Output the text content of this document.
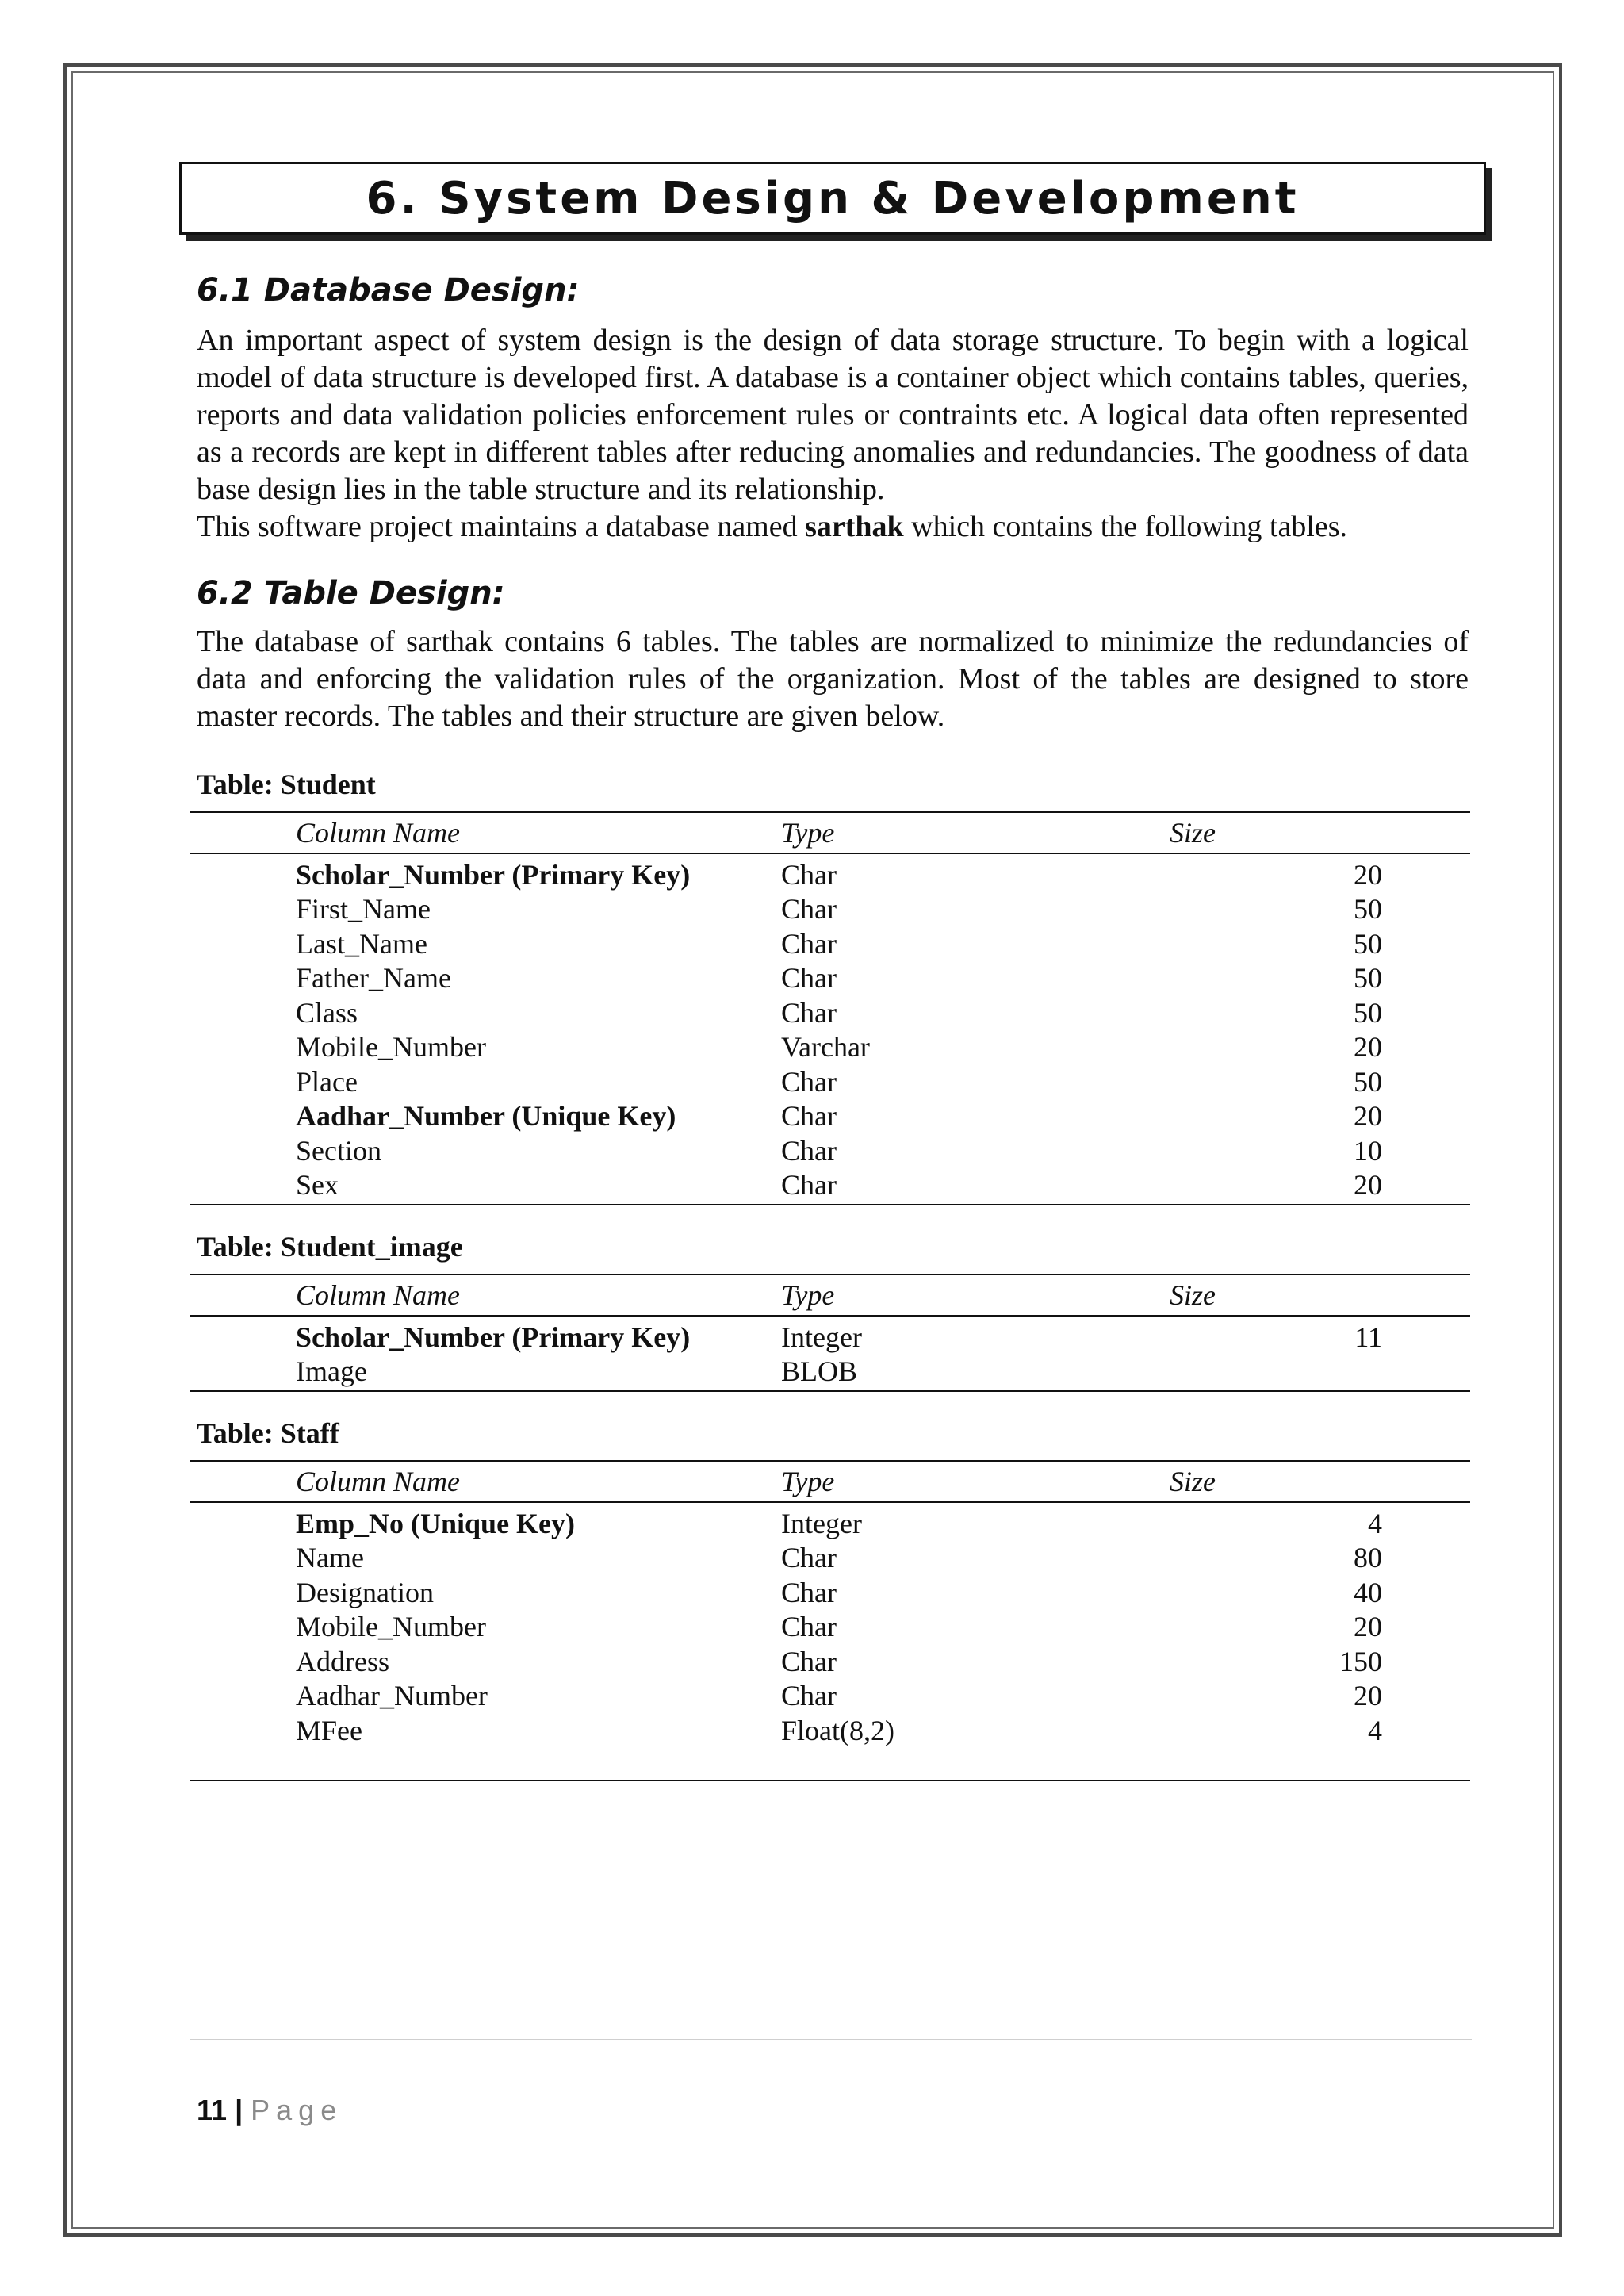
6. System Design & Development
6.1 Database Design:

An important aspect of system design is the design of data storage structure. To begin with a logical model of data structure is developed first. A database is a container object which contains tables, queries, reports and data validation policies enforcement rules or contraints etc. A logical data often represented as a records are kept in different tables after reducing anomalies and redundancies. The goodness of data base design lies in the table structure and its relationship.

This software project maintains a database named sarthak which contains the following tables.

6.2 Table Design:

The database of sarthak contains 6 tables. The tables are normalized to minimize the redundancies of data and enforcing the validation rules of the organization. Most of the tables are designed to store master records. The tables and their structure are given below.

Table: Student
Column Name	Type	Size
Scholar_Number (Primary Key)	Char	20
First_Name	Char	50
Last_Name	Char	50
Father_Name	Char	50
Class	Char	50
Mobile_Number	Varchar	20
Place	Char	50
Aadhar_Number (Unique Key)	Char	20
Section	Char	10
Sex	Char	20
Table: Student_image
Column Name	Type	Size
Scholar_Number (Primary Key)	Integer	11
Image	BLOB
Table: Staff
Column Name	Type	Size
Emp_No (Unique Key)	Integer	4
Name	Char	80
Designation	Char	40
Mobile_Number	Char	20
Address	Char	150
Aadhar_Number	Char	20
MFee	Float(8,2)	4
11 | Page
